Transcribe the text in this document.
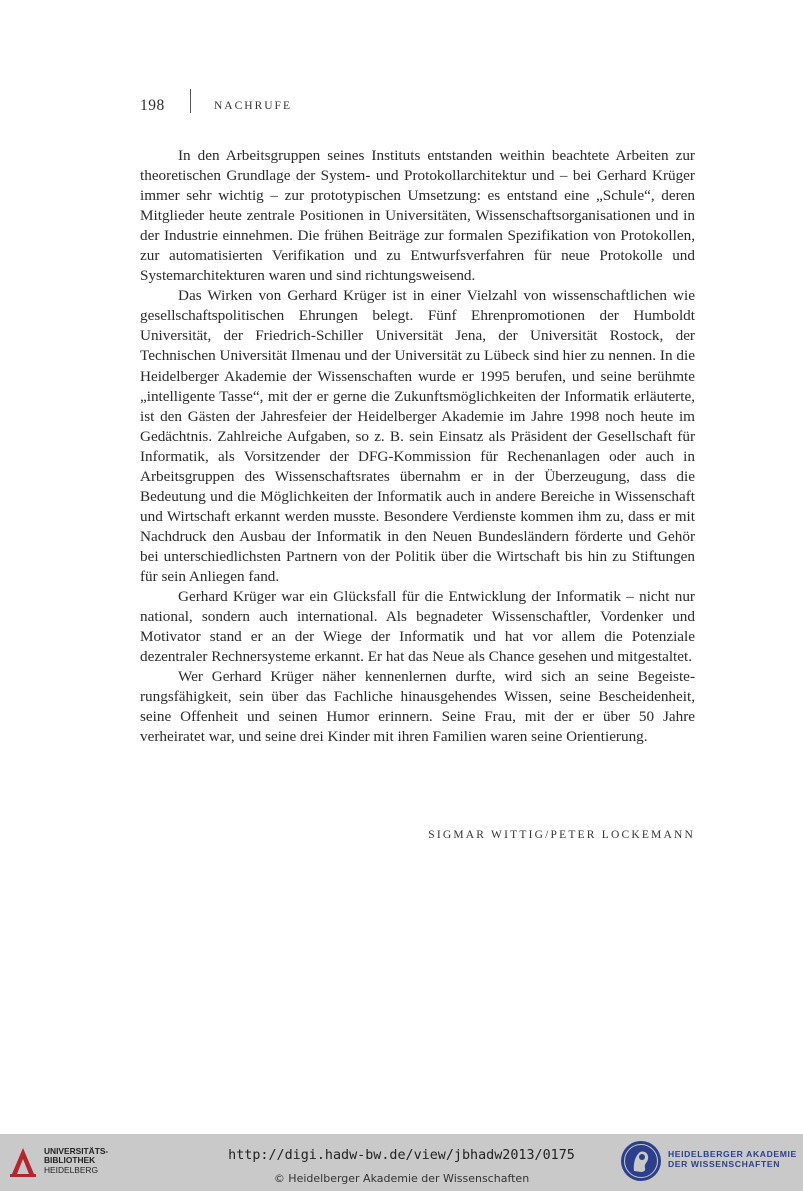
198	NACHRUFE

In den Arbeitsgruppen seines Instituts entstanden weithin beachtete Arbeiten zur theoretischen Grundlage der System- und Protokollarchitektur und – bei Gerhard Krüger immer sehr wichtig – zur prototypischen Umsetzung: es entstand eine „Schule“, deren Mitglieder heute zentrale Positionen in Universitäten, Wissenschaftsorganisationen und in der Industrie einnehmen. Die frühen Beiträge zur formalen Spezifikation von Protokollen, zur automatisierten Verifikation und zu Entwurfsverfahren für neue Protokolle und Systemarchitekturen waren und sind richtungsweisend.

Das Wirken von Gerhard Krüger ist in einer Vielzahl von wissenschaftlichen wie gesellschaftspolitischen Ehrungen belegt. Fünf Ehrenpromotionen der Humboldt Universität, der Friedrich-Schiller Universität Jena, der Universität Rostock, der Technischen Universität Ilmenau und der Universität zu Lübeck sind hier zu nennen. In die Heidelberger Akademie der Wissenschaften wurde er 1995 berufen, und seine berühmte „intelligente Tasse“, mit der er gerne die Zukunftsmöglichkeiten der Informatik erläuterte, ist den Gästen der Jahresfeier der Heidelberger Akademie im Jahre 1998 noch heute im Gedächtnis. Zahlreiche Aufgaben, so z. B. sein Einsatz als Präsident der Gesellschaft für Informatik, als Vorsitzender der DFG-Kommission für Rechenanlagen oder auch in Arbeitsgruppen des Wissenschaftsrates übernahm er in der Überzeugung, dass die Bedeutung und die Möglichkeiten der Informatik auch in andere Bereiche in Wissenschaft und Wirtschaft erkannt werden musste. Besondere Verdienste kommen ihm zu, dass er mit Nachdruck den Ausbau der Informatik in den Neuen Bundesländern förderte und Gehör bei unterschiedlichsten Partnern von der Politik über die Wirtschaft bis hin zu Stiftungen für sein Anliegen fand.

Gerhard Krüger war ein Glücksfall für die Entwicklung der Informatik – nicht nur national, sondern auch international. Als begnadeter Wissenschaftler, Vordenker und Motivator stand er an der Wiege der Informatik und hat vor allem die Potenziale dezentraler Rechnersysteme erkannt. Er hat das Neue als Chance gesehen und mitgestaltet.

Wer Gerhard Krüger näher kennenlernen durfte, wird sich an seine Begeisterungsfähigkeit, sein über das Fachliche hinausgehendes Wissen, seine Bescheidenheit, seine Offenheit und seinen Humor erinnern. Seine Frau, mit der er über 50 Jahre verheiratet war, und seine drei Kinder mit ihren Familien waren seine Orientierung.

SIGMAR WITTIG/PETER LOCKEMANN
UNIVERSITÄTS-
BIBLIOTHEK
HEIDELBERG
http://digi.hadw-bw.de/view/jbhadw2013/0175
© Heidelberger Akademie der Wissenschaften
HEIDELBERGER AKADEMIE
DER WISSENSCHAFTEN
